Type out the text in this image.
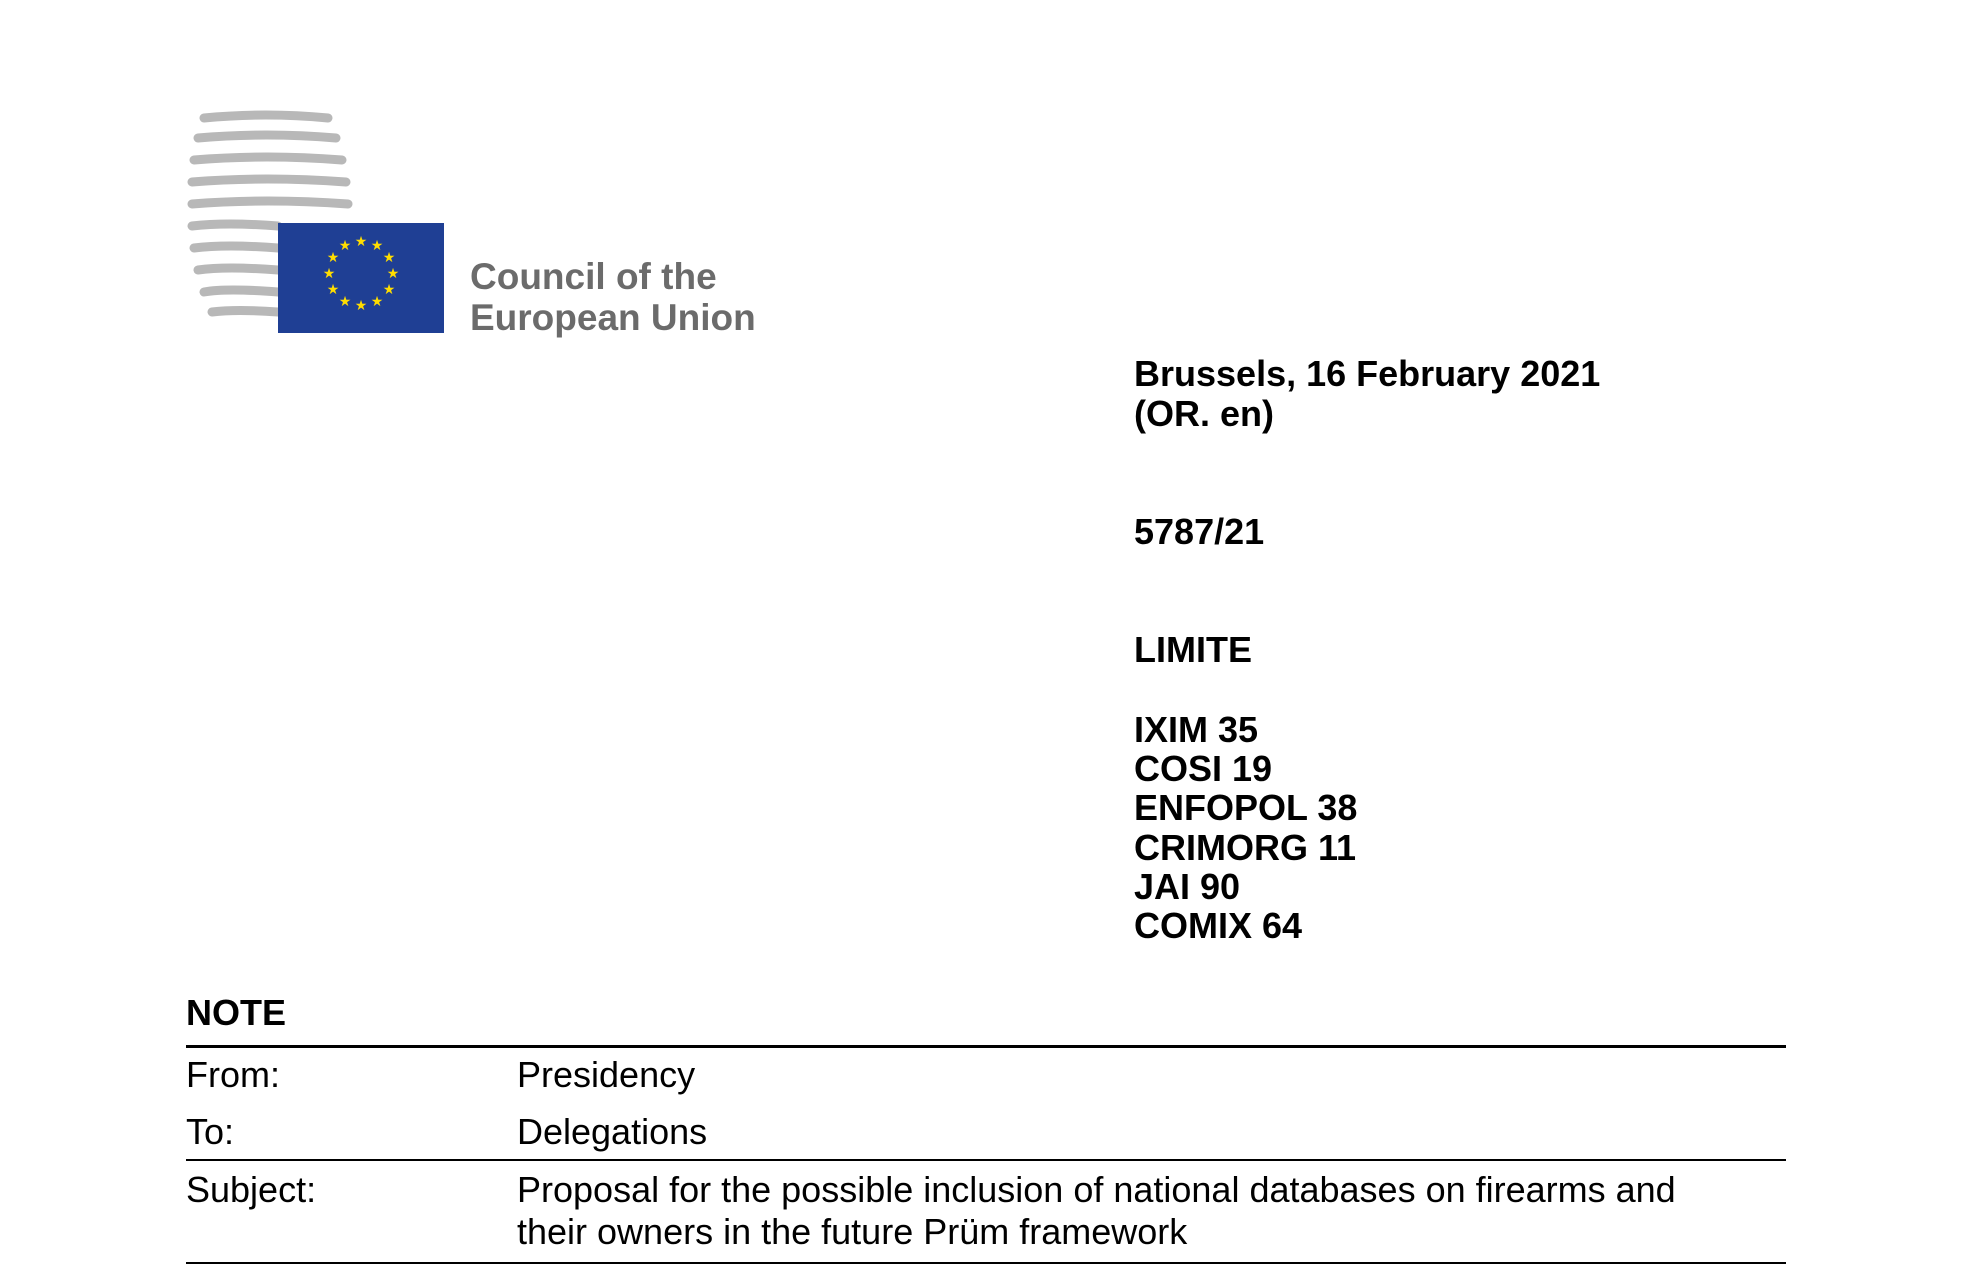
★ ★
★
★
★
★
★
★
★
★
★
★
Council of the
European Union
Brussels, 16 February 2021
(OR. en)
5787/21
LIMITE
IXIM 35
COSI 19
ENFOPOL 38
CRIMORG 11
JAI 90
COMIX 64
NOTE
From:	Presidency
To:	Delegations
Subject:	Proposal for the possible inclusion of national databases on firearms and
their owners in the future Prüm framework
